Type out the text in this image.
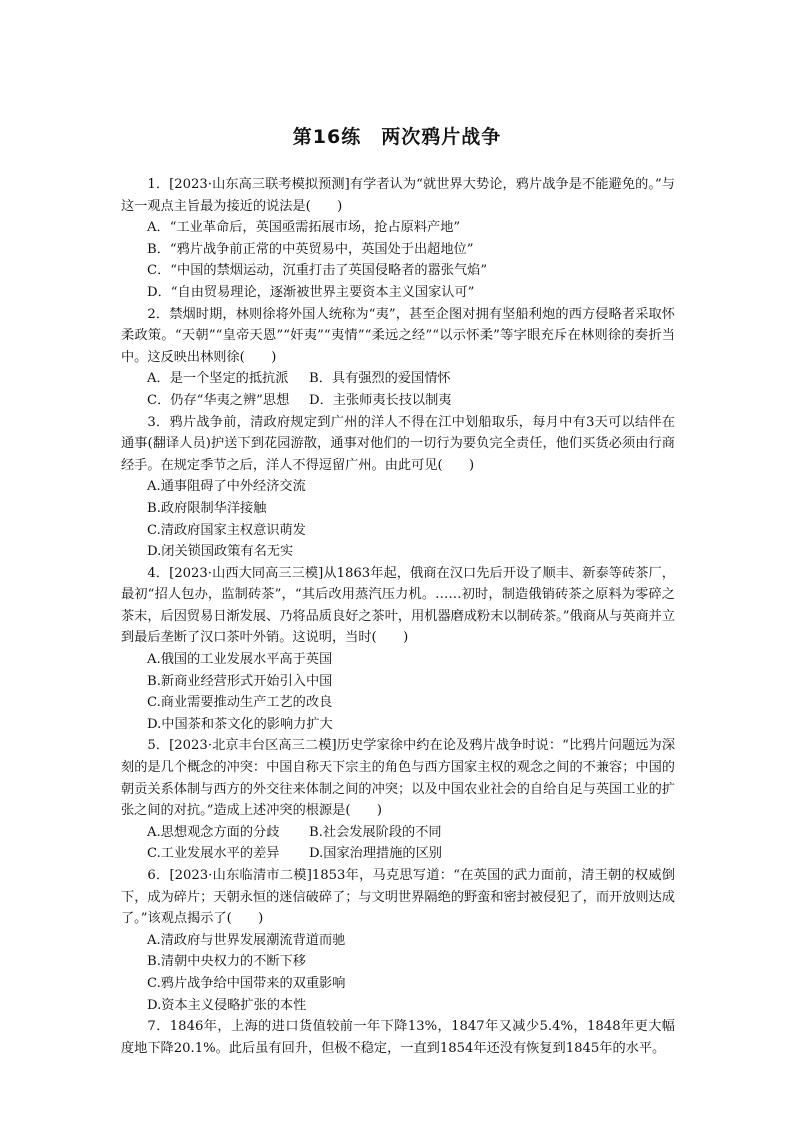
第16练　两次鸦片战争

1．[2023·山东高三联考模拟预测]有学者认为“就世界大势论，鸦片战争是不能避免的。”与这一观点主旨最为接近的说法是(　　)

A．“工业革命后，英国亟需拓展市场，抢占原料产地”

B．“鸦片战争前正常的中英贸易中，英国处于出超地位”

C．“中国的禁烟运动，沉重打击了英国侵略者的嚣张气焰”

D．“自由贸易理论，逐渐被世界主要资本主义国家认可”

2．禁烟时期，林则徐将外国人统称为“夷”，甚至企图对拥有坚船利炮的西方侵略者采取怀柔政策。“天朝”“皇帝天恩”“奸夷”“夷情”“柔远之经”“以示怀柔”等字眼充斥在林则徐的奏折当中。这反映出林则徐(　　)

A．是一个坚定的抵抗派 B．具有强烈的爱国情怀

C．仍存“华夷之辨”思想 D．主张师夷长技以制夷

3．鸦片战争前，清政府规定到广州的洋人不得在江中划船取乐，每月中有3天可以结伴在通事(翻译人员)护送下到花园游散，通事对他们的一切行为要负完全责任，他们买货必须由行商经手。在规定季节之后，洋人不得逗留广州。由此可见(　　)

A.通事阻碍了中外经济交流

B.政府限制华洋接触

C.清政府国家主权意识萌发

D.闭关锁国政策有名无实

4．[2023·山西大同高三三模]从1863年起，俄商在汉口先后开设了顺丰、新泰等砖茶厂，最初“招人包办，监制砖茶”，“其后改用蒸汽压力机。……初时，制造俄销砖茶之原料为零碎之茶末，后因贸易日渐发展、乃将品质良好之茶叶，用机器磨成粉末以制砖茶。”俄商从与英商并立到最后垄断了汉口茶叶外销。这说明，当时(　　)

A.俄国的工业发展水平高于英国

B.新商业经营形式开始引入中国

C.商业需要推动生产工艺的改良

D.中国茶和茶文化的影响力扩大

5．[2023·北京丰台区高三二模]历史学家徐中约在论及鸦片战争时说：“比鸦片问题远为深刻的是几个概念的冲突：中国自称天下宗主的角色与西方国家主权的观念之间的不兼容；中国的朝贡关系体制与西方的外交往来体制之间的冲突；以及中国农业社会的自给自足与英国工业的扩张之间的对抗。”造成上述冲突的根源是(　　)

A.思想观念方面的分歧 B.社会发展阶段的不同

C.工业发展水平的差异 D.国家治理措施的区别

6．[2023·山东临清市二模]1853年，马克思写道：“在英国的武力面前，清王朝的权威倒下，成为碎片；天朝永恒的迷信破碎了；与文明世界隔绝的野蛮和密封被侵犯了，而开放则达成了。”该观点揭示了(　　)

A.清政府与世界发展潮流背道而驰

B.清朝中央权力的不断下移

C.鸦片战争给中国带来的双重影响

D.资本主义侵略扩张的本性

7．1846年，上海的进口货值较前一年下降13%，1847年又减少5.4%，1848年更大幅度地下降20.1%。此后虽有回升，但极不稳定，一直到1854年还没有恢复到1845年的水平。
